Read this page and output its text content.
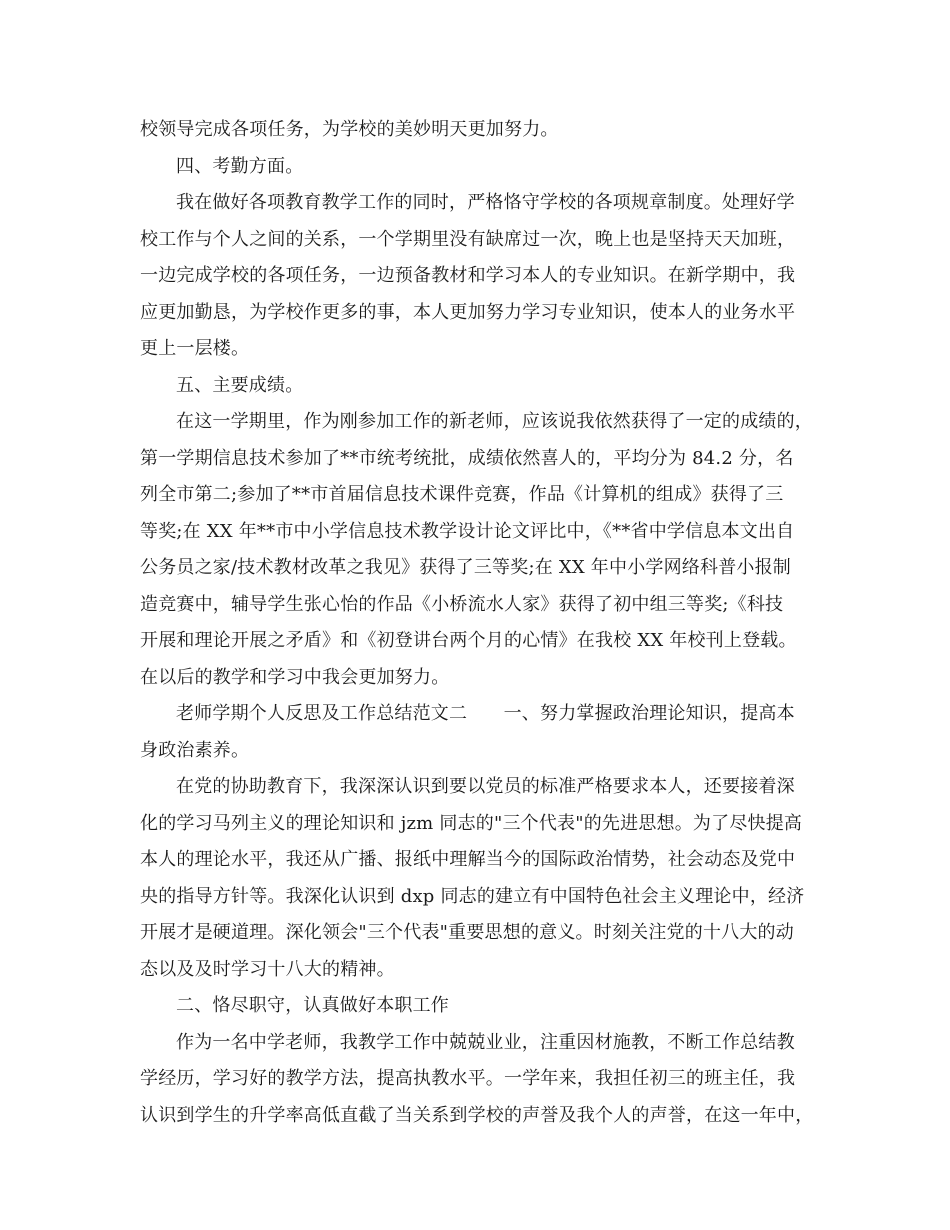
校领导完成各项任务，为学校的美妙明天更加努力。
四、考勤方面。
我在做好各项教育教学工作的同时，严格恪守学校的各项规章制度。处理好学
校工作与个人之间的关系，一个学期里没有缺席过一次，晚上也是坚持天天加班，
一边完成学校的各项任务，一边预备教材和学习本人的专业知识。在新学期中，我
应更加勤恳，为学校作更多的事，本人更加努力学习专业知识，使本人的业务水平
更上一层楼。
五、主要成绩。
在这一学期里，作为刚参加工作的新老师，应该说我依然获得了一定的成绩的，
第一学期信息技术参加了**市统考统批，成绩依然喜人的，平均分为 84.2 分，名
列全市第二;参加了**市首届信息技术课件竞赛，作品《计算机的组成》获得了三
等奖;在 XX 年**市中小学信息技术教学设计论文评比中，《**省中学信息本文出自
公务员之家/技术教材改革之我见》获得了三等奖;在 XX 年中小学网络科普小报制
造竞赛中，辅导学生张心怡的作品《小桥流水人家》获得了初中组三等奖;《科技
开展和理论开展之矛盾》和《初登讲台两个月的心情》在我校 XX 年校刊上登载。
在以后的教学和学习中我会更加努力。
老师学期个人反思及工作总结范文二　　一、努力掌握政治理论知识，提高本
身政治素养。
在党的协助教育下，我深深认识到要以党员的标准严格要求本人，还要接着深
化的学习马列主义的理论知识和 jzm 同志的"三个代表"的先进思想。为了尽快提高
本人的理论水平，我还从广播、报纸中理解当今的国际政治情势，社会动态及党中
央的指导方针等。我深化认识到 dxp 同志的建立有中国特色社会主义理论中，经济
开展才是硬道理。深化领会"三个代表"重要思想的意义。时刻关注党的十八大的动
态以及及时学习十八大的精神。
二、恪尽职守，认真做好本职工作
作为一名中学老师，我教学工作中兢兢业业，注重因材施教，不断工作总结教
学经历，学习好的教学方法，提高执教水平。一学年来，我担任初三的班主任，我
认识到学生的升学率高低直截了当关系到学校的声誉及我个人的声誉，在这一年中，
